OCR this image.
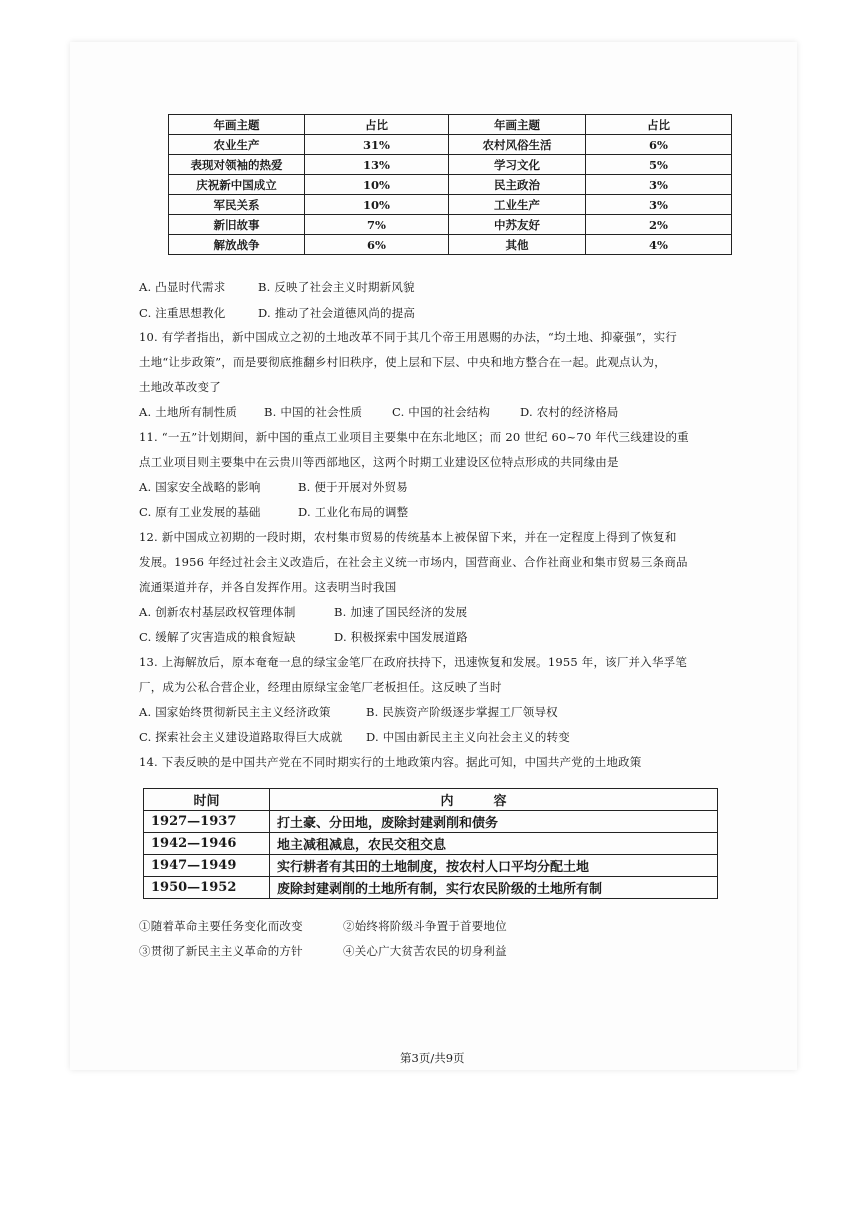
年画主题	占比	年画主题	占比
农业生产	31%	农村风俗生活	6%
表现对领袖的热爱	13%	学习文化	5%
庆祝新中国成立	10%	民主政治	3%
军民关系	10%	工业生产	3%
新旧故事	7%	中苏友好	2%
解放战争	6%	其他	4%
A. 凸显时代需求	B. 反映了社会主义时期新风貌
C. 注重思想教化	D. 推动了社会道德风尚的提高
10. 有学者指出，新中国成立之初的土地改革不同于其几个帝王用恩赐的办法，“均土地、抑豪强”，实行
土地“让步政策”，而是要彻底推翻乡村旧秩序，使上层和下层、中央和地方整合在一起。此观点认为，
土地改革改变了
A. 土地所有制性质 B. 中国的社会性质	C. 中国的社会结构	D. 农村的经济格局
11. “一五”计划期间，新中国的重点工业项目主要集中在东北地区；而 20 世纪 60~70 年代三线建设的重
点工业项目则主要集中在云贵川等西部地区，这两个时期工业建设区位特点形成的共同缘由是
A. 国家安全战略的影响	B. 便于开展对外贸易
C. 原有工业发展的基础	D. 工业化布局的调整
12. 新中国成立初期的一段时期，农村集市贸易的传统基本上被保留下来，并在一定程度上得到了恢复和
发展。1956 年经过社会主义改造后，在社会主义统一市场内，国营商业、合作社商业和集市贸易三条商品
流通渠道并存，并各自发挥作用。这表明当时我国
A. 创新农村基层政权管理体制	B. 加速了国民经济的发展
C. 缓解了灾害造成的粮食短缺	D. 积极探索中国发展道路
13. 上海解放后，原本奄奄一息的绿宝金笔厂在政府扶持下，迅速恢复和发展。1955 年，该厂并入华孚笔
厂，成为公私合营企业，经理由原绿宝金笔厂老板担任。这反映了当时
A. 国家始终贯彻新民主主义经济政策	B. 民族资产阶级逐步掌握工厂领导权
C. 探索社会主义建设道路取得巨大成就 D. 中国由新民主主义向社会主义的转变
14. 下表反映的是中国共产党在不同时期实行的土地政策内容。据此可知，中国共产党的土地政策
时间	内容
1927—1937	打土豪、分田地，废除封建剥削和债务
1942—1946	地主减租减息，农民交租交息
1947—1949	实行耕者有其田的土地制度，按农村人口平均分配土地
1950—1952	废除封建剥削的土地所有制，实行农民阶级的土地所有制
①随着革命主要任务变化而改变	②始终将阶级斗争置于首要地位
③贯彻了新民主主义革命的方针	④关心广大贫苦农民的切身利益
第3页/共9页
